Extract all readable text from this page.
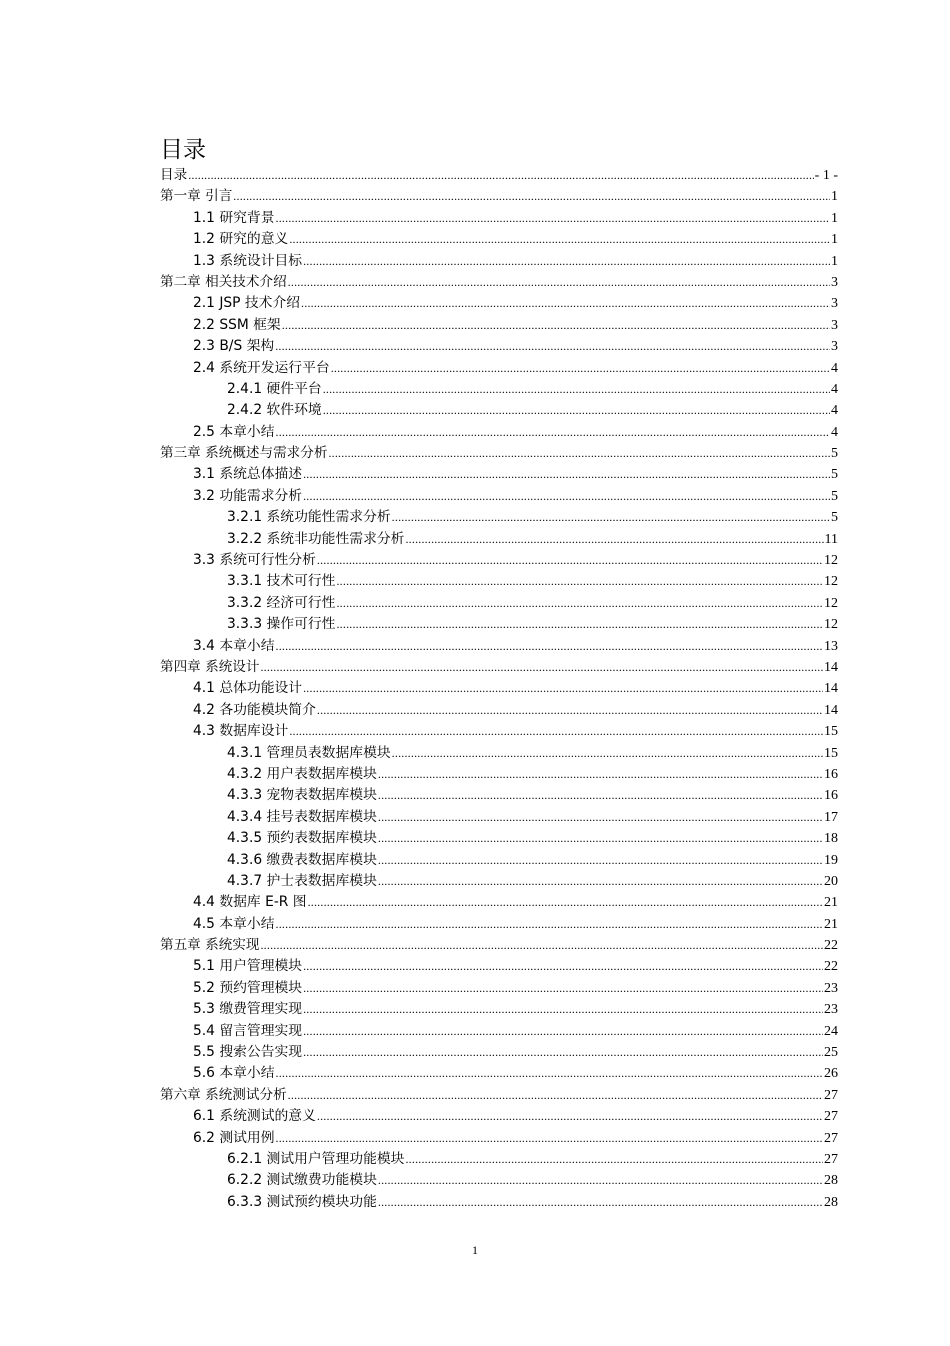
目录
目录 .....	- 1 -
第一章 引言 .....	1
1.1 研究背景 .....	1
1.2 研究的意义 .....	1
1.3 系统设计目标 .....	1
第二章 相关技术介绍 .....	3
2.1 JSP 技术介绍 .....	3
2.2 SSM 框架 .....	3
2.3 B/S 架构 .....	3
2.4 系统开发运行平台 .....	4
2.4.1 硬件平台 .....	4
2.4.2 软件环境 .....	4
2.5 本章小结 .....	4
第三章 系统概述与需求分析 .....	5
3.1 系统总体描述 .....	5
3.2 功能需求分析 .....	5
3.2.1 系统功能性需求分析 .....	5
3.2.2 系统非功能性需求分析 .....	11
3.3 系统可行性分析 .....	12
3.3.1 技术可行性 .....	12
3.3.2 经济可行性 .....	12
3.3.3 操作可行性 .....	12
3.4 本章小结 .....	13
第四章 系统设计 .....	14
4.1 总体功能设计 .....	14
4.2 各功能模块简介 .....	14
4.3 数据库设计 .....	15
4.3.1 管理员表数据库模块 .....	15
4.3.2 用户表数据库模块 .....	16
4.3.3 宠物表数据库模块 .....	16
4.3.4 挂号表数据库模块 .....	17
4.3.5 预约表数据库模块 .....	18
4.3.6 缴费表数据库模块 .....	19
4.3.7 护士表数据库模块 .....	20
4.4 数据库 E-R 图 .....	21
4.5 本章小结 .....	21
第五章 系统实现 .....	22
5.1 用户管理模块 .....	22
5.2 预约管理模块 .....	23
5.3 缴费管理实现 .....	23
5.4 留言管理实现 .....	24
5.5 搜索公告实现 .....	25
5.6 本章小结 .....	26
第六章 系统测试分析 .....	27
6.1 系统测试的意义 .....	27
6.2 测试用例 .....	27
6.2.1 测试用户管理功能模块 .....	27
6.2.2 测试缴费功能模块 .....	28
6.3.3 测试预约模块功能 .....	28
1
